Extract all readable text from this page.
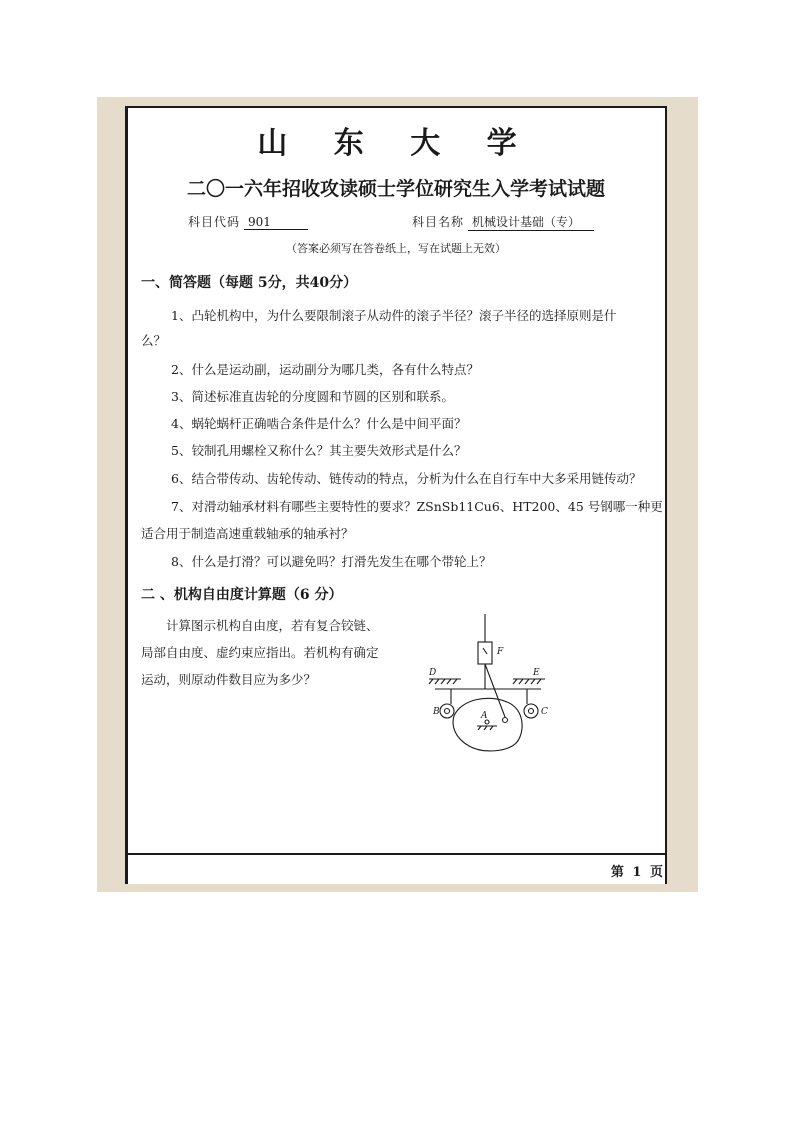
山 东 大 学
二〇一六年招收攻读硕士学位研究生入学考试试题
科目代码 901	科目名称 机械设计基础（专）
（答案必须写在答卷纸上，写在试题上无效）
一、简答题（每题 5分，共40分）
1、凸轮机构中，为什么要限制滚子从动件的滚子半径？滚子半径的选择原则是什
么？
2、什么是运动副，运动副分为哪几类，各有什么特点？
3、简述标准直齿轮的分度圆和节圆的区别和联系。
4、蜗轮蜗杆正确啮合条件是什么？什么是中间平面？
5、铰制孔用螺栓又称什么？其主要失效形式是什么？
6、结合带传动、齿轮传动、链传动的特点，分析为什么在自行车中大多采用链传动？
7、对滑动轴承材料有哪些主要特性的要求？ZSnSb11Cu6、HT200、45 号钢哪一种更
适合用于制造高速重载轴承的轴承衬？
8、什么是打滑？可以避免吗？打滑先发生在哪个带轮上？
二 、机构自由度计算题（6 分）
计算图示机构自由度，若有复合铰链、局部自由度、虚约束应指出。若机构有确定运动，则原动件数目应为多少？
F
D	E
B	C
A
第 1 页
